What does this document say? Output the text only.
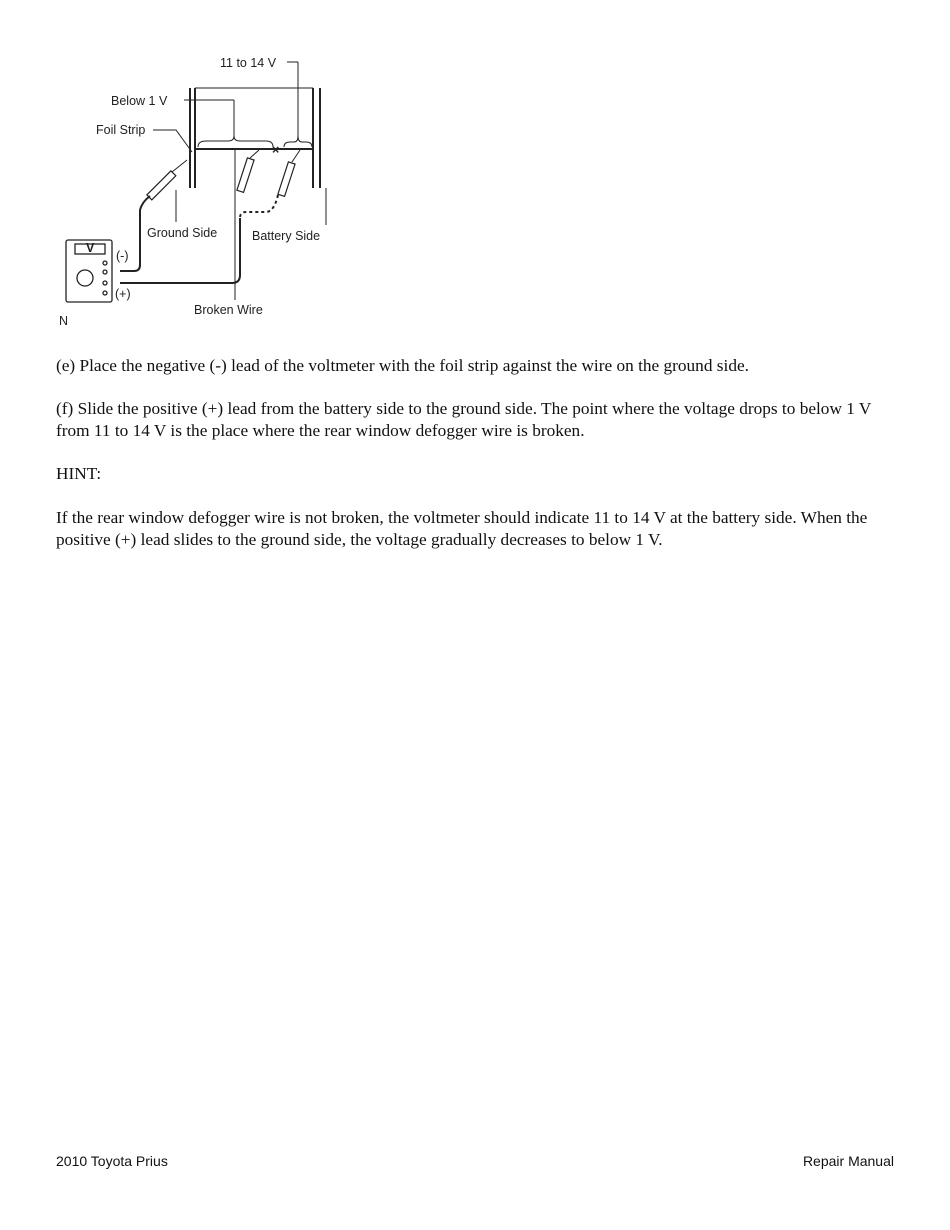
×
V
11 to 14 V
Below 1 V
Foil Strip
Ground Side	Battery Side
(-)
(+)
Broken Wire
N

(e) Place the negative (-) lead of the voltmeter with the foil strip against the wire on the ground side.

(f) Slide the positive (+) lead from the battery side to the ground side. The point where the voltage drops to below 1 V from 11 to 14 V is the place where the rear window defogger wire is broken.

HINT:

If the rear window defogger wire is not broken, the voltmeter should indicate 11 to 14 V at the battery side. When the positive (+) lead slides to the ground side, the voltage gradually decreases to below 1 V.

2010 Toyota Prius	Repair Manual
